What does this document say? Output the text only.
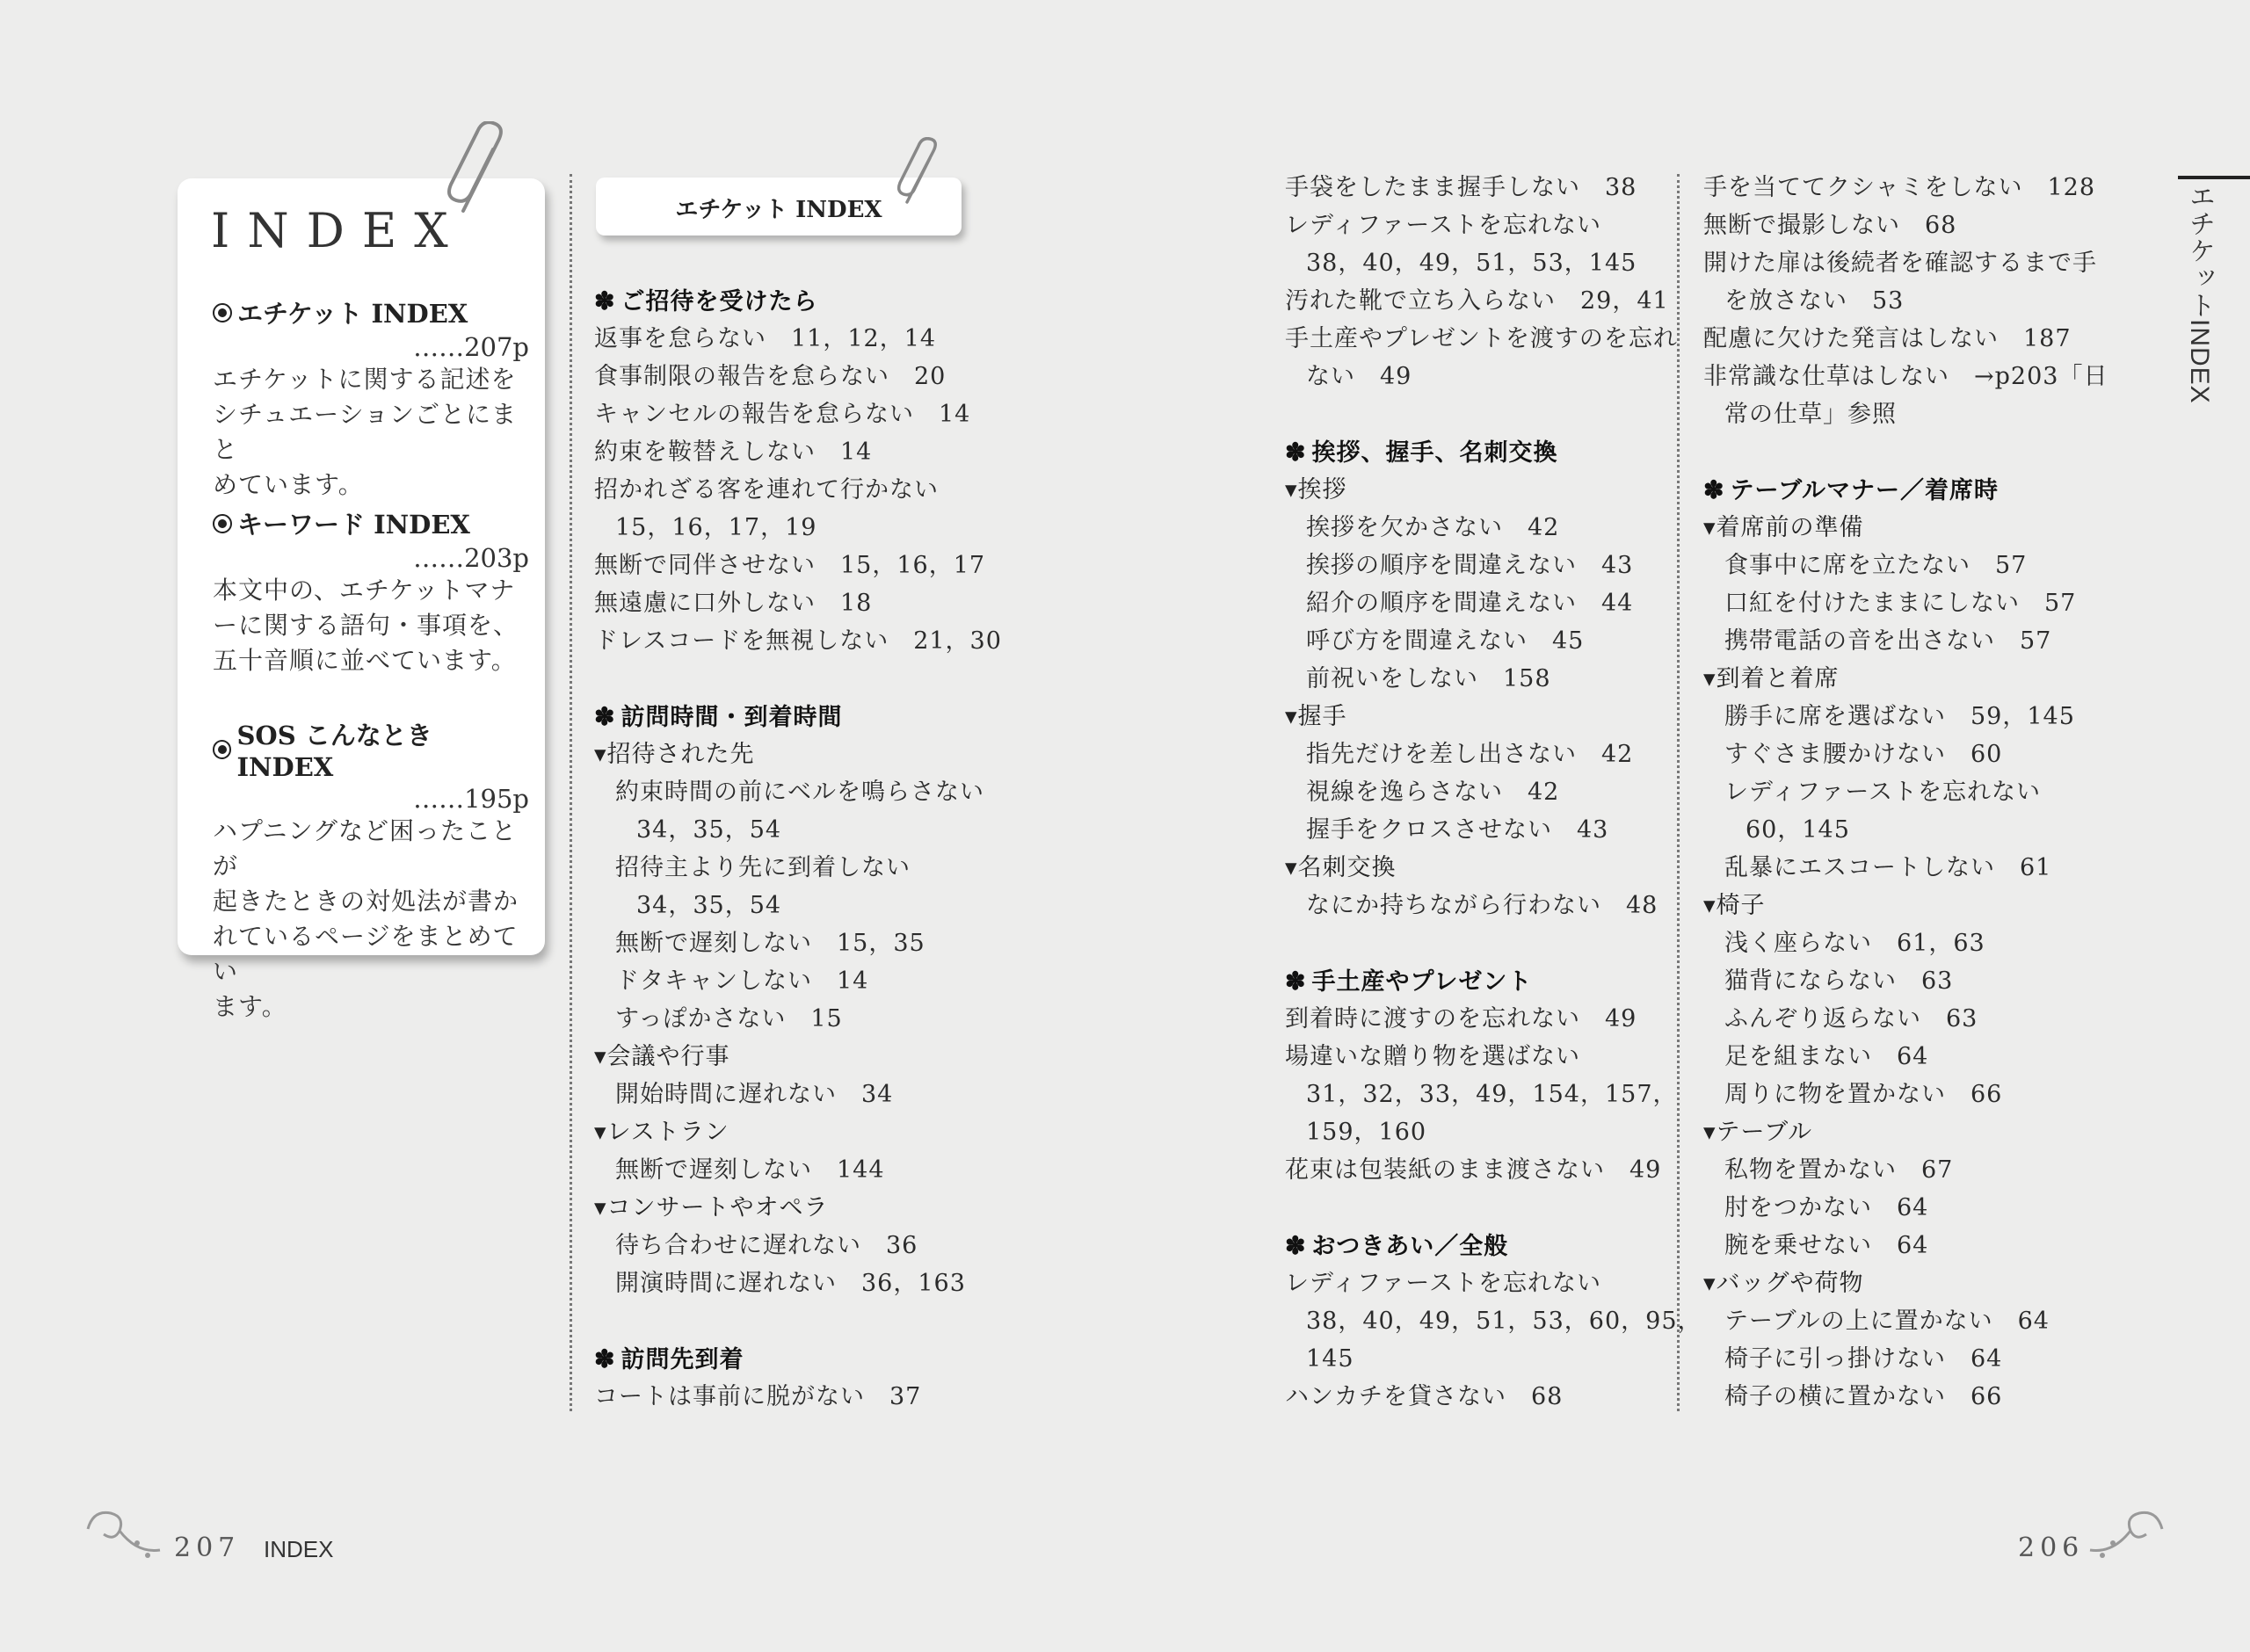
INDEX
エチケット INDEX
……207p
エチケットに関する記述を
シチュエーションごとにまと
めています。
キーワード INDEX
……203p
本文中の、エチケットマナ
ーに関する語句・事項を、
五十音順に並べています。
SOS こんなとき INDEX
……195p
ハプニングなど困ったことが
起きたときの対処法が書か
れているページをまとめてい
ます。
エチケット INDEX
✽ ご招待を受けたら
返事を怠らない　11，12，14
食事制限の報告を怠らない　20
キャンセルの報告を怠らない　14
約束を鞍替えしない　14
招かれざる客を連れて行かない
15，16，17，19
無断で同伴させない　15，16，17
無遠慮に口外しない　18
ドレスコードを無視しない　21，30
✽ 訪問時間・到着時間
▾招待された先
約束時間の前にベルを鳴らさない
34，35，54
招待主より先に到着しない
34，35，54
無断で遅刻しない　15，35
ドタキャンしない　14
すっぽかさない　15
▾会議や行事
開始時間に遅れない　34
▾レストラン
無断で遅刻しない　144
▾コンサートやオペラ
待ち合わせに遅れない　36
開演時間に遅れない　36，163
✽ 訪問先到着
コートは事前に脱がない　37
手袋をしたまま握手しない　38
レディファーストを忘れない
38，40，49，51，53，145
汚れた靴で立ち入らない　29，41
手土産やプレゼントを渡すのを忘れ
ない　49
✽ 挨拶、握手、名刺交換
▾挨拶
挨拶を欠かさない　42
挨拶の順序を間違えない　43
紹介の順序を間違えない　44
呼び方を間違えない　45
前祝いをしない　158
▾握手
指先だけを差し出さない　42
視線を逸らさない　42
握手をクロスさせない　43
▾名刺交換
なにか持ちながら行わない　48
✽ 手土産やプレゼント
到着時に渡すのを忘れない　49
場違いな贈り物を選ばない
31，32，33，49，154，157，
159，160
花束は包装紙のまま渡さない　49
✽ おつきあい／全般
レディファーストを忘れない
38，40，49，51，53，60，95，
145
ハンカチを貸さない　68
手を当ててクシャミをしない　128
無断で撮影しない　68
開けた扉は後続者を確認するまで手
を放さない　53
配慮に欠けた発言はしない　187
非常識な仕草はしない　→p203「日
常の仕草」参照
✽ テーブルマナー／着席時
▾着席前の準備
食事中に席を立たない　57
口紅を付けたままにしない　57
携帯電話の音を出さない　57
▾到着と着席
勝手に席を選ばない　59，145
すぐさま腰かけない　60
レディファーストを忘れない
60，145
乱暴にエスコートしない　61
▾椅子
浅く座らない　61，63
猫背にならない　63
ふんぞり返らない　63
足を組まない　64
周りに物を置かない　66
▾テーブル
私物を置かない　67
肘をつかない　64
腕を乗せない　64
▾バッグや荷物
テーブルの上に置かない　64
椅子に引っ掛けない　64
椅子の横に置かない　66
エチケットINDEX
207 INDEX	206
